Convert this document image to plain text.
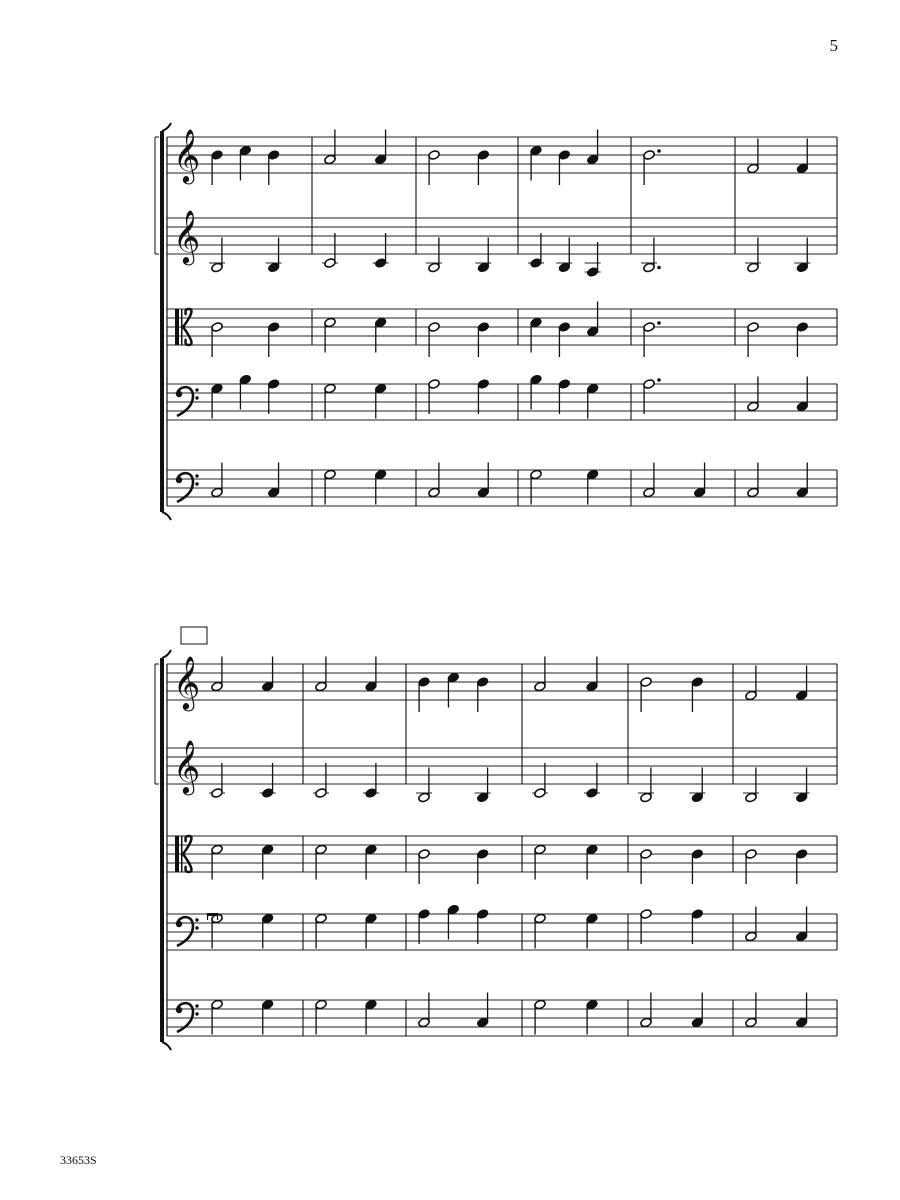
5
33653S
𝄞
𝄞
𝄞
𝄞
